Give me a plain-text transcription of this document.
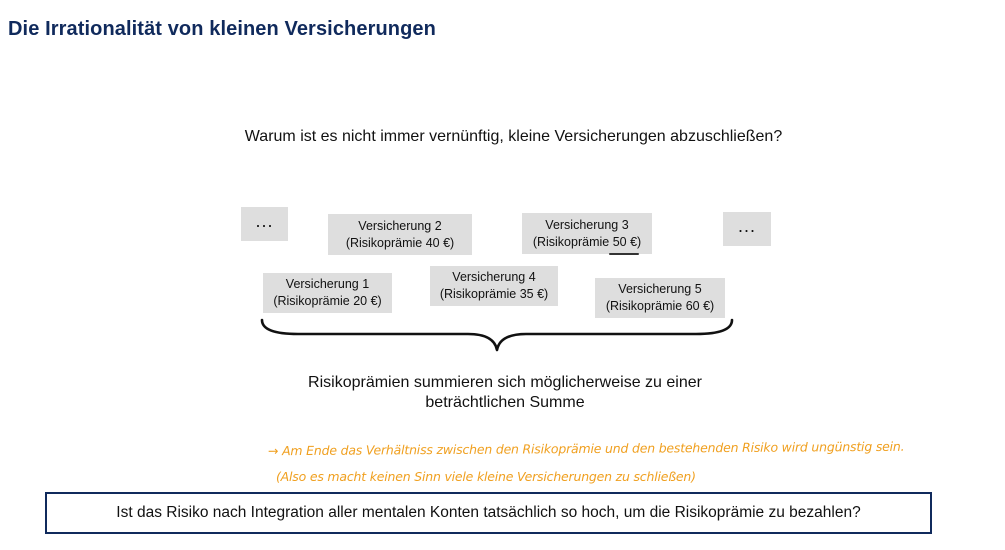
Die Irrationalität von kleinen Versicherungen
Warum ist es nicht immer vernünftig, kleine Versicherungen abzuschließen?
...	...
Versicherung 2
(Risikoprämie 40 €)
Versicherung 3
(Risikoprämie 50 €)
Versicherung 1
(Risikoprämie 20 €)
Versicherung 4
(Risikoprämie 35 €)	Versicherung 5
(Risikoprämie 60 €)
Risikoprämien summieren sich möglicherweise zu einer
beträchtlichen Summe
→ Am Ende das Verhältniss zwischen den Risikoprämie und den bestehenden Risiko wird ungünstig sein.
(Also es macht keinen Sinn viele kleine Versicherungen zu schließen)
Ist das Risiko nach Integration aller mentalen Konten tatsächlich so hoch, um die Risikoprämie zu bezahlen?
